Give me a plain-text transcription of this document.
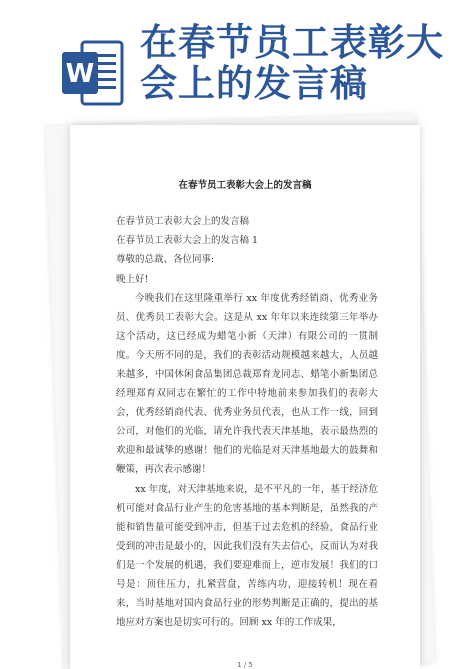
W
在春节员工表彰大会上的发言稿
在春节员工表彰大会上的发言稿
在春节员工表彰大会上的发言稿
在春节员工表彰大会上的发言稿 1
尊敬的总裁、各位同事:
晚上好!
今晚我们在这里隆重举行 xx 年度优秀经销商、优秀业务员、优秀员工表彰大会。这是从 xx 年年以来连续第三年举办这个活动，这已经成为蜡笔小新（天津）有限公司的一贯制度。今天所不同的是，我们的表彰活动规模越来越大，人员越来越多，中国休闲食品集团总裁郑育龙同志、蜡笔小新集团总经理郑育双同志在繁忙的工作中特地前来参加我们的表彰大会，优秀经销商代表、优秀业务员代表，也从工作一线，回到公司，对他们的光临，请允许我代表天津基地，表示最热烈的欢迎和最诚挚的感谢！他们的光临是对天津基地最大的鼓舞和鞭策，再次表示感谢！
xx 年度，对天津基地来说，是不平凡的一年，基于经济危机可能对食品行业产生的危害基地的基本判断是，虽然我的产能和销售量可能受到冲击，但基于过去危机的经验，食品行业受到的冲击是最小的，因此我们没有失去信心，反而认为对我们是一个发展的机遇，我们要迎难而上，逆市发展！我们的口号是：顶住压力，扎紧营盘，苦练内功，迎接转机！现在看来，当时基地对国内食品行业的形势判断是正确的，提出的基地应对方案也是切实可行的。回顾 xx 年的工作成果，
1 / 5
